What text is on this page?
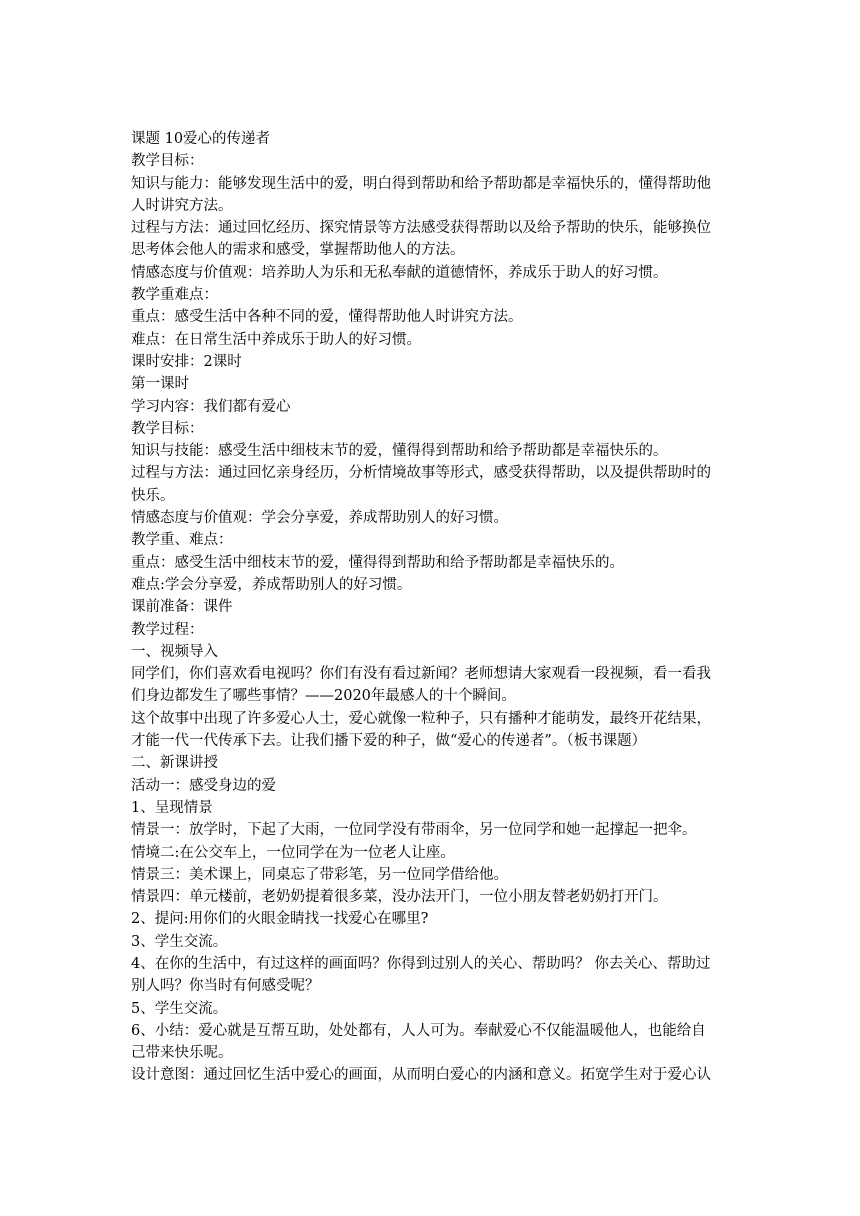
课题 10爱心的传递者
教学目标：
知识与能力：能够发现生活中的爱，明白得到帮助和给予帮助都是幸福快乐的，懂得帮助他
人时讲究方法。
过程与方法：通过回忆经历、探究情景等方法感受获得帮助以及给予帮助的快乐，能够换位
思考体会他人的需求和感受，掌握帮助他人的方法。
情感态度与价值观：培养助人为乐和无私奉献的道德情怀，养成乐于助人的好习惯。
教学重难点：
重点：感受生活中各种不同的爱，懂得帮助他人时讲究方法。
难点：在日常生活中养成乐于助人的好习惯。
课时安排：2课时
第一课时
学习内容：我们都有爱心
教学目标：
知识与技能：感受生活中细枝末节的爱，懂得得到帮助和给予帮助都是幸福快乐的。
过程与方法：通过回忆亲身经历，分析情境故事等形式，感受获得帮助，以及提供帮助时的
快乐。
情感态度与价值观：学会分享爱，养成帮助别人的好习惯。
教学重、难点：
重点：感受生活中细枝末节的爱，懂得得到帮助和给予帮助都是幸福快乐的。
难点:学会分享爱，养成帮助别人的好习惯。
课前准备：课件
教学过程：
一、视频导入
同学们，你们喜欢看电视吗？你们有没有看过新闻？老师想请大家观看一段视频，看一看我
们身边都发生了哪些事情？——2020年最感人的十个瞬间。
这个故事中出现了许多爱心人士，爱心就像一粒种子，只有播种才能萌发，最终开花结果，
才能一代一代传承下去。让我们播下爱的种子，做“爱心的传递者”。（板书课题）
二、新课讲授
活动一：感受身边的爱
1、呈现情景
情景一：放学时，下起了大雨，一位同学没有带雨伞，另一位同学和她一起撑起一把伞。
情境二:在公交车上，一位同学在为一位老人让座。
情景三：美术课上，同桌忘了带彩笔，另一位同学借给他。
情景四：单元楼前，老奶奶提着很多菜，没办法开门，一位小朋友替老奶奶打开门。
2、提问:用你们的火眼金睛找一找爱心在哪里?
3、学生交流。
4、在你的生活中，有过这样的画面吗？你得到过别人的关心、帮助吗？ 你去关心、帮助过
别人吗？你当时有何感受呢？
5、学生交流。
6、小结：爱心就是互帮互助，处处都有，人人可为。奉献爱心不仅能温暖他人，也能给自
己带来快乐呢。
设计意图：通过回忆生活中爱心的画面，从而明白爱心的内涵和意义。拓宽学生对于爱心认
